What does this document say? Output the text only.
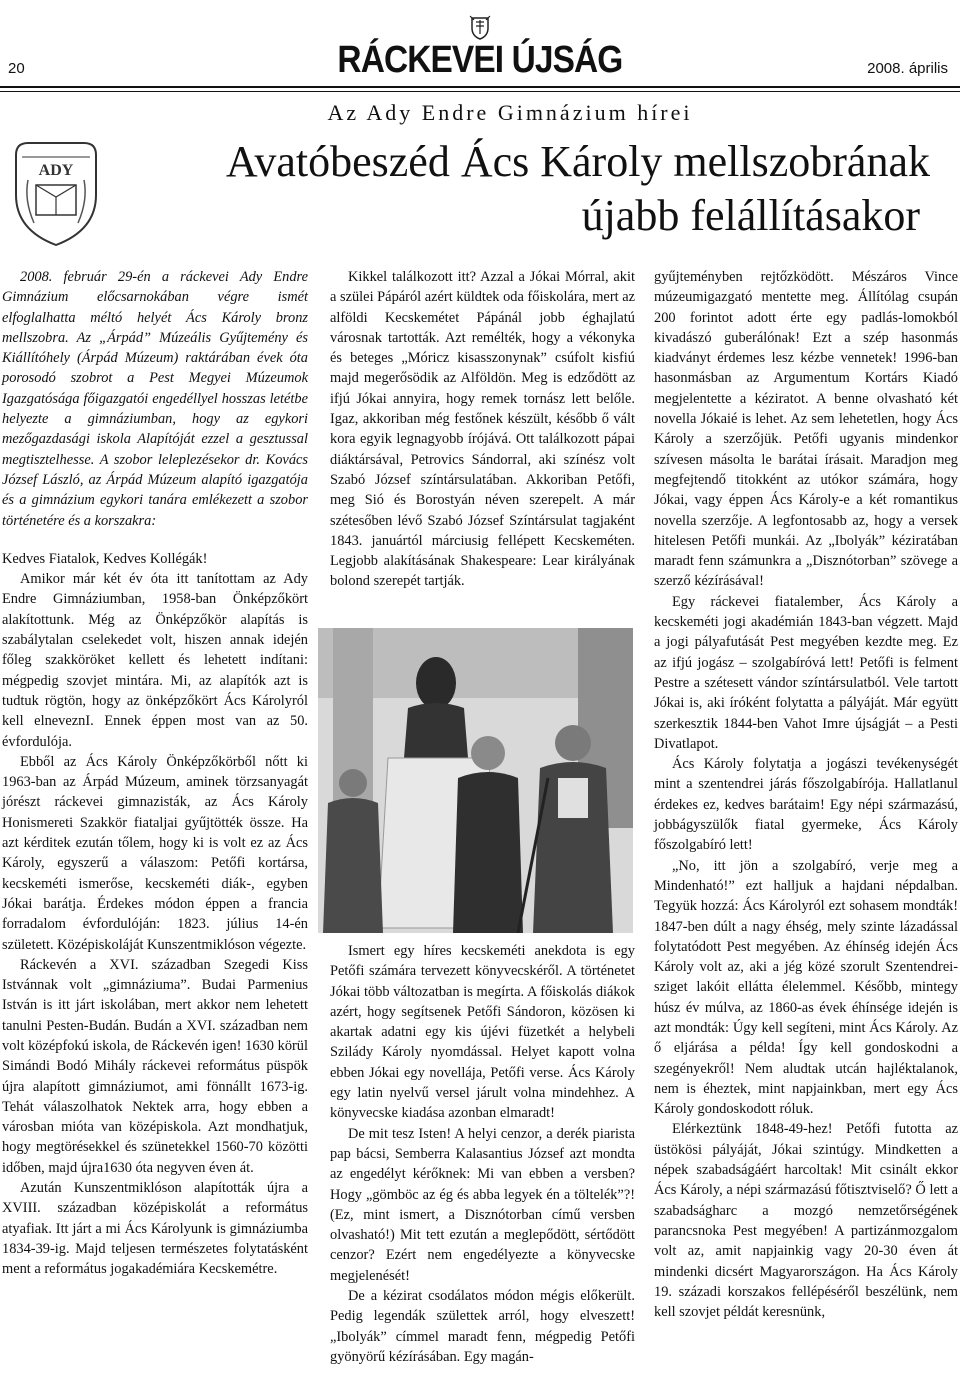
20	RÁCKEVEI ÚJSÁG	2008. április
Az Ady Endre Gimnázium hírei
ADY	Avatóbeszéd Ács Károly mellszobrának
újabb felállításakor

2008. február 29-én a ráckevei Ady Endre Gimnázium előcsarnokában végre ismét elfoglalhatta méltó helyét Ács Károly bronz mellszobra. Az „Árpád” Múzeális Gyűjtemény és Kiállítóhely (Árpád Múzeum) raktárában évek óta porosodó szobrot a Pest Megyei Múzeumok Igazgatósága főigazgatói engedéllyel hosszas letétbe helyezte a gimnáziumban, hogy az egykori mezőgazdasági iskola Alapítóját ezzel a gesztussal megtisztelhesse. A szobor leleplezésekor dr. Kovács József László, az Árpád Múzeum alapító igazgatója és a gimnázium egykori tanára emlékezett a szobor történetére és a korszakra:

Kedves Fiatalok, Kedves Kollégák!

Amikor már két év óta itt tanítottam az Ady Endre Gimnáziumban, 1958-ban Önképzőkört alakítottunk. Még az Önképzőkör alapítás is szabálytalan cselekedet volt, hiszen annak idején főleg szakköröket kellett és lehetett indítani: mégpedig szovjet mintára. Mi, az alapítók azt is tudtuk rögtön, hogy az önképzőkört Ács Károlyról kell elneveznI. Ennek éppen most van az 50. évfordulója.

Ebből az Ács Károly Önképzőkörből nőtt ki 1963-ban az Árpád Múzeum, aminek törzsanyagát jórészt ráckevei gimnazisták, az Ács Károly Honismereti Szakkör fiataljai gyűjtötték össze. Ha azt kérditek ezután tőlem, hogy ki is volt ez az Ács Károly, egyszerű a válaszom: Petőfi kortársa, kecskeméti ismerőse, kecskeméti diák-, egyben Jókai barátja. Érdekes módon éppen a francia forradalom évfordulóján: 1823. július 14-én született. Középiskoláját Kunszentmiklóson végezte.

Ráckevén a XVI. században Szegedi Kiss Istvánnak volt „gimnáziuma”. Budai Parmenius István is itt járt iskolában, mert akkor nem lehetett tanulni Pesten-Budán. Budán a XVI. században nem volt középfokú iskola, de Ráckevén igen! 1630 körül Simándi Bodó Mihály ráckevei református püspök újra alapított gimnáziumot, ami fönnállt 1673-ig. Tehát válaszolhatok Nektek arra, hogy ebben a városban mióta van középiskola. Azt mondhatjuk, hogy megtörésekkel és szünetekkel 1560-70 közötti időben, majd újra1630 óta negyven éven át.

Azután Kunszentmiklóson alapították újra a XVIII. században középiskolát a református atyafiak. Itt járt a mi Ács Károlyunk is gimnáziumba 1834-39-ig. Majd teljesen természetes folytatásként ment a református jogakadémiára Kecskemétre.

Kikkel találkozott itt? Azzal a Jókai Mórral, akit a szülei Pápáról azért küldtek oda főiskolára, mert az alföldi Kecskemétet Pápánál jobb éghajlatú városnak tartották. Azt remélték, hogy a vékonyka és beteges „Móricz kisasszonynak” csúfolt kisfiú majd megerősödik az Alföldön. Meg is edződött az ifjú Jókai annyira, hogy remek tornász lett belőle. Igaz, akkoriban még festőnek készült, később ő vált kora egyik legnagyobb írójává. Ott találkozott pápai diáktársával, Petrovics Sándorral, aki színész volt Szabó József színtársulatában. Akkoriban Petőfi, meg Sió és Borostyán néven szerepelt. A már szétesőben lévő Szabó József Színtársulat tagjaként 1843. januártól márciusig fellépett Kecskeméten. Legjobb alakításának Shakespeare: Lear királyának bolond szerepét tartják.

Ismert egy híres kecskeméti anekdota is egy Petőfi számára tervezett könyvecskéről. A történetet Jókai több változatban is megírta. A főiskolás diákok azért, hogy segítsenek Petőfi Sándoron, közösen ki akartak adatni egy kis újévi füzetkét a helybeli Szilády Károly nyomdással. Helyet kapott volna ebben Jókai egy novellája, Petőfi verse. Ács Károly egy latin nyelvű versel járult volna mindehhez. A könyvecske kiadása azonban elmaradt!

De mit tesz Isten! A helyi cenzor, a derék piarista pap bácsi, Semberra Kalasantius József azt mondta az engedélyt kérőknek: Mi van ebben a versben? Hogy „gömböc az ég és abba legyek én a töltelék”?! (Ez, mint ismert, a Disznótorban című versben olvasható!) Mit tett ezután a meglepődött, sértődött cenzor? Ezért nem engedélyezte a könyvecske megjelenését!

De a kézirat csodálatos módon mégis előkerült. Pedig legendák születtek arról, hogy elveszett! „Ibolyák” címmel maradt fenn, mégpedig Petőfi gyönyörű kézírásában. Egy magán-

gyűjteményben rejtőzködött. Mészáros Vince múzeumigazgató mentette meg. Állítólag csupán 200 forintot adott érte egy padlás-lomokból kivadászó guberálónak! Ezt a szép hasonmás kiadványt érdemes lesz kézbe vennetek! 1996-ban hasonmásban az Argumentum Kortárs Kiadó megjelentette a kéziratot. A benne olvasható két novella Jókaié is lehet. Az sem lehetetlen, hogy Ács Károly a szerzőjük. Petőfi ugyanis mindenkor szívesen másolta le barátai írásait. Maradjon meg megfejtendő titokként az utókor számára, hogy Jókai, vagy éppen Ács Károly-e a két romantikus novella szerzője. A legfontosabb az, hogy a versek hitelesen Petőfi munkái. Az „Ibolyák” kéziratában maradt fenn számunkra a „Disznótorban” szövege a szerző kézírásával!

Egy ráckevei fiatalember, Ács Károly a kecskeméti jogi akadémián 1843-ban végzett. Majd a jogi pályafutását Pest megyében kezdte meg. Ez az ifjú jogász – szolgabíróvá lett! Petőfi is felment Pestre a szétesett vándor színtársulatból. Vele tartott Jókai is, aki íróként folytatta a pályáját. Már együtt szerkesztik 1844-ben Vahot Imre újságját – a Pesti Divatlapot.

Ács Károly folytatja a jogászi tevékenységét mint a szentendrei járás főszolgabírója. Hallatlanul érdekes ez, kedves barátaim! Egy népi származású, jobbágyszülők fiatal gyermeke, Ács Károly főszolgabíró lett!

„No, itt jön a szolgabíró, verje meg a Mindenható!” ezt halljuk a hajdani népdalban. Tegyük hozzá: Ács Károlyról ezt sohasem mondták! 1847-ben dúlt a nagy éhség, mely szinte lázadással folytatódott Pest megyében. Az éhínség idején Ács Károly volt az, aki a jég közé szorult Szentendrei-sziget lakóit ellátta élelemmel. Később, mintegy húsz év múlva, az 1860-as évek éhínsége idején is azt mondták: Úgy kell segíteni, mint Ács Károly. Az ő eljárása a példa! Így kell gondoskodni a szegényekről! Nem aludtak utcán hajléktalanok, nem is éheztek, mint napjainkban, mert egy Ács Károly gondoskodott róluk.

Elérkeztünk 1848-49-hez! Petőfi futotta az üstökösi pályáját, Jókai szintúgy. Mindketten a népek szabadságáért harcoltak! Mit csinált ekkor Ács Károly, a népi származású főtisztviselő? Ő lett a szabadságharc a mozgó nemzetőrségének parancsnoka Pest megyében! A partizánmozgalom volt az, amit napjainkig vagy 20-30 éven át mindenki dicsért Magyarországon. Ha Ács Károly 19. századi korszakos fellépéséről beszélünk, nem kell szovjet példát keresnünk,
